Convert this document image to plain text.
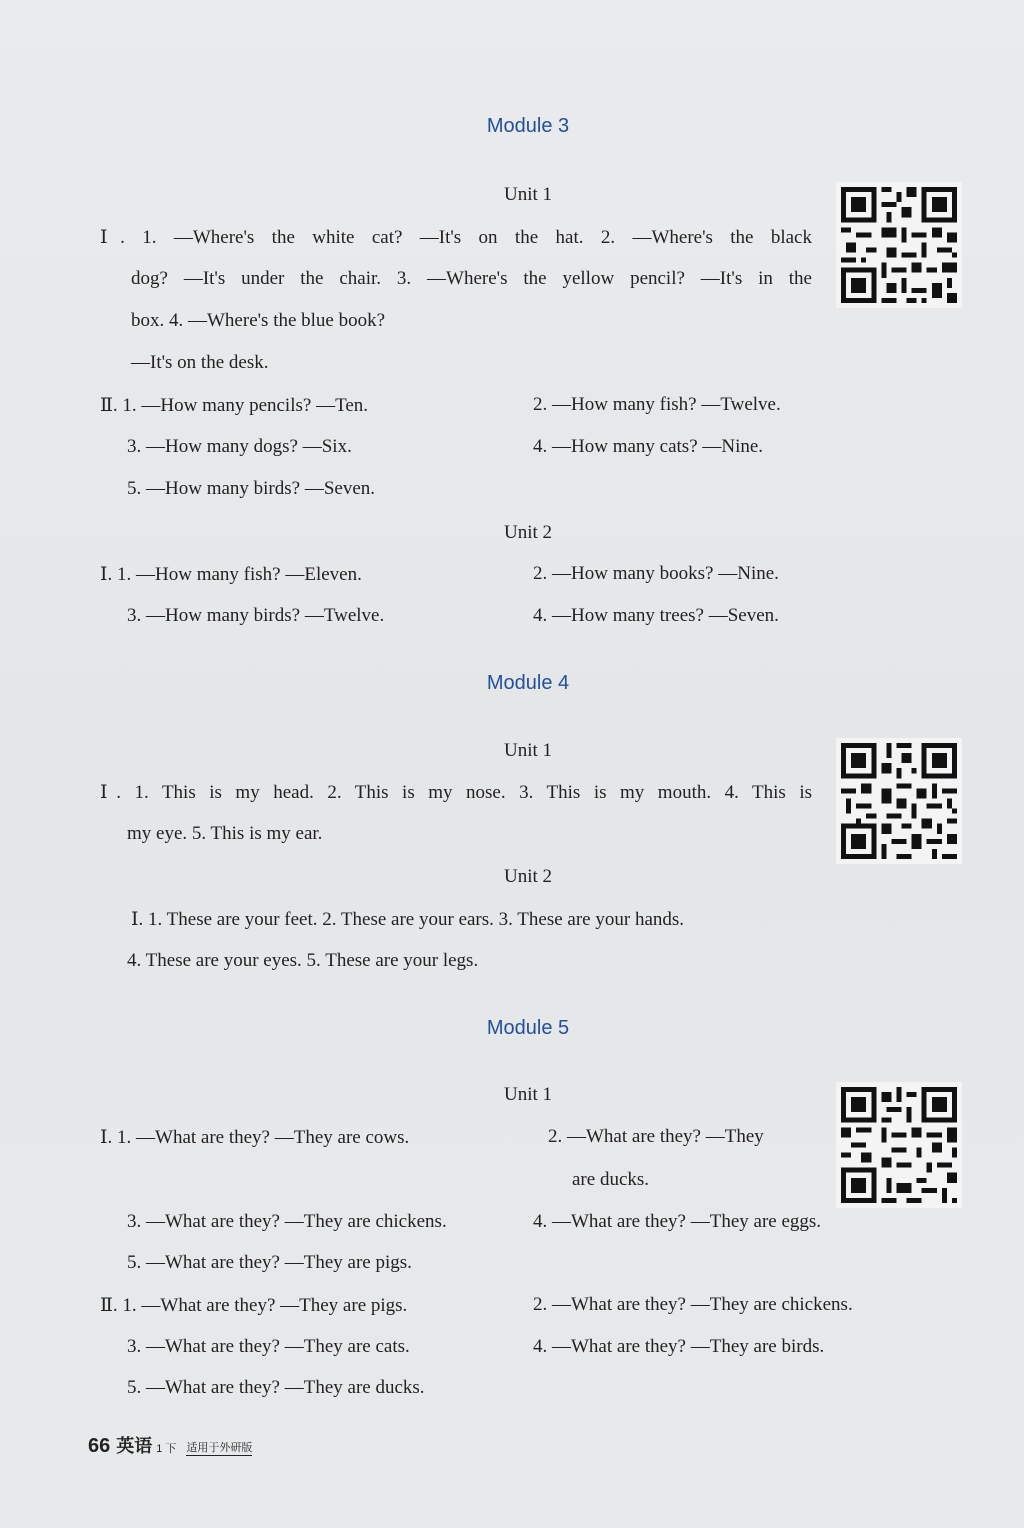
Module 3
Unit 1
Ⅰ. 1. —Where's the white cat? —It's on the hat. 2. —Where's the black
dog? —It's under the chair. 3. —Where's the yellow pencil? —It's in the
box. 4. —Where's the blue book?
—It's on the desk.
Ⅱ. 1. —How many pencils? —Ten.	2. —How many fish? —Twelve.
3. —How many dogs? —Six.	4. —How many cats? —Nine.
5. —How many birds? —Seven.
Unit 2
Ⅰ. 1. —How many fish? —Eleven.	2. —How many books? —Nine.
3. —How many birds? —Twelve.	4. —How many trees? —Seven.
Module 4
Unit 1
Ⅰ. 1. This is my head. 2. This is my nose. 3. This is my mouth. 4. This is
my eye. 5. This is my ear.
Unit 2
Ⅰ. 1. These are your feet. 2. These are your ears. 3. These are your hands.
4. These are your eyes. 5. These are your legs.
Module 5
Unit 1
Ⅰ. 1. —What are they? —They are cows.	2. —What are they? —They
are ducks.
3. —What are they? —They are chickens.	4. —What are they? —They are eggs.
5. —What are they? —They are pigs.
Ⅱ. 1. —What are they? —They are pigs.	2. —What are they? —They are chickens.
3. —What are they? —They are cats.	4. —What are they? —They are birds.
5. —What are they? —They are ducks.
66 英语 1 下 适用于外研版
